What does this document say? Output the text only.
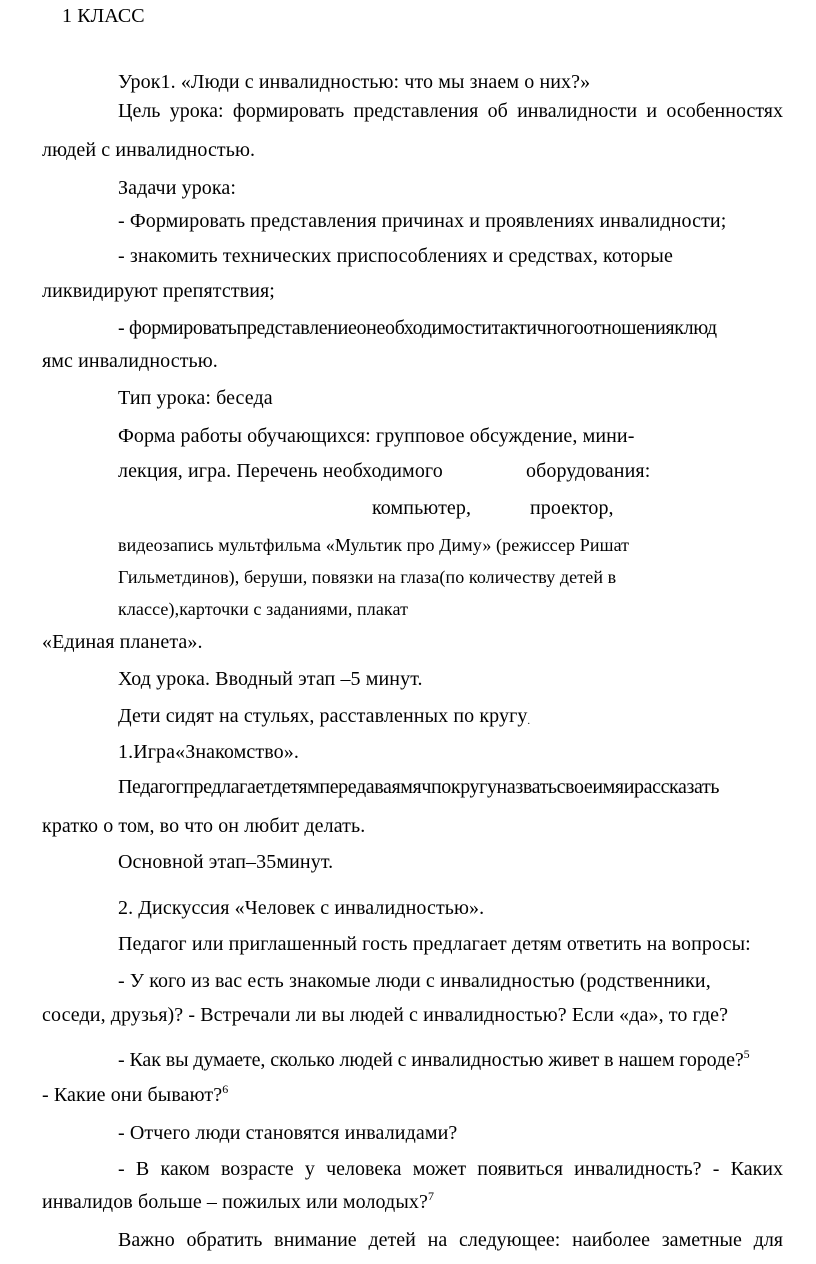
1 КЛАСС
Урок1. «Люди с инвалидностью: что мы знаем о них?»
Цель урока: формировать представления об инвалидности и особенностях
людей с инвалидностью.
Задачи урока:
- Формировать представления причинах и проявлениях инвалидности;
- знакомить технических приспособлениях и средствах, которые
ликвидируют препятствия;
- формироватьпредставлениеонеобходимоститактичногоотношенияклюд
ямс инвалидностью.
Тип урока: беседа
Форма работы обучающихся: групповое обсуждение, мини-
лекция, игра. Перечень необходимого	оборудования:
компьютер,	проектор,
видеозапись мультфильма «Мультик про Диму» (режиссер Ришат
Гильметдинов), беруши, повязки на глаза(по количеству детей в
классе),карточки с заданиями, плакат
«Единая планета».
Ход урока. Вводный этап –5 минут.
Дети сидят на стульях, расставленных по кругу.
1.Игра«Знакомство».
Педагогпредлагаетдетямпередаваямячпокругуназватьсвоеимяирассказать
кратко о том, во что он любит делать.
Основной этап–35минут.
2. Дискуссия «Человек с инвалидностью».
Педагог или приглашенный гость предлагает детям ответить на вопросы:
- У кого из вас есть знакомые люди с инвалидностью (родственники,
соседи, друзья)? - Встречали ли вы людей с инвалидностью? Если «да», то где?
- Как вы думаете, сколько людей с инвалидностью живет в нашем городе?$^5$
- Какие они бывают?$^6$
- Отчего люди становятся инвалидами?
- В каком возрасте у человека может появиться инвалидность? - Каких
инвалидов больше – пожилых или молодых?$^7$
Важно обратить внимание детей на следующее: наиболее заметные для
